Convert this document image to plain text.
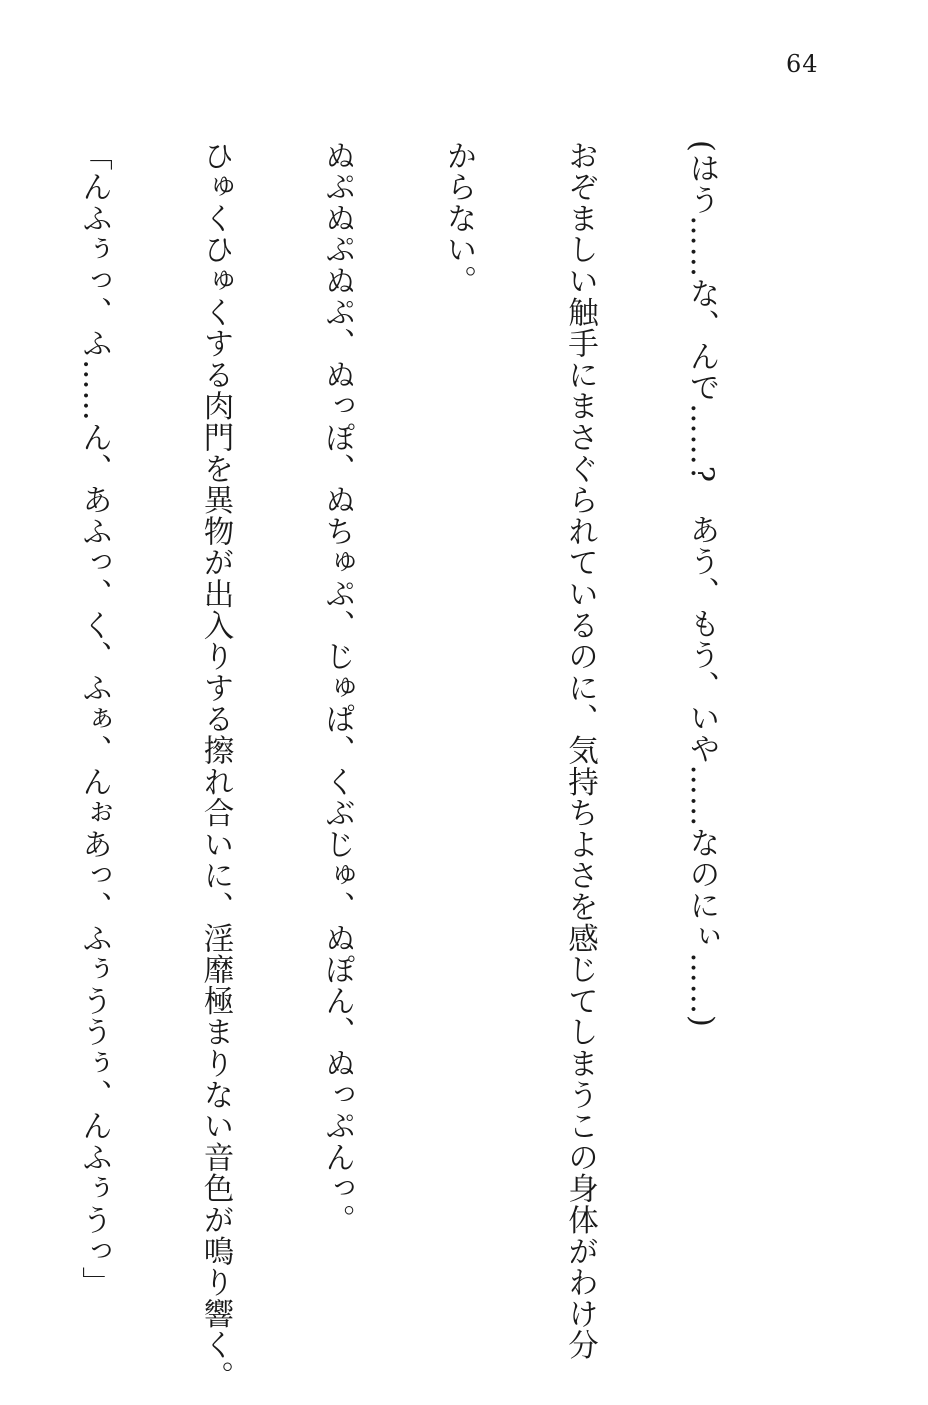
64

(はう……な、んで……?　あう、もう、いや……なのにぃ……)

おぞましい触手にまさぐられているのに、気持ちよさを感じてしまうこの身体がわけ分

からない。

ぬぷぬぷぬぷ、ぬっぽ、ぬちゅぷ、じゅぱ、くぶじゅ、ぬぽん、ぬっぷんっ。

ひゅくひゅくする肉門を異物が出入りする擦れ合いに、淫靡極まりない音色が鳴り響く。

「んふぅっ、ふ……ん、あふっ、く、ふぁ、んぉあっ、ふぅううぅ、んふぅうっ」
